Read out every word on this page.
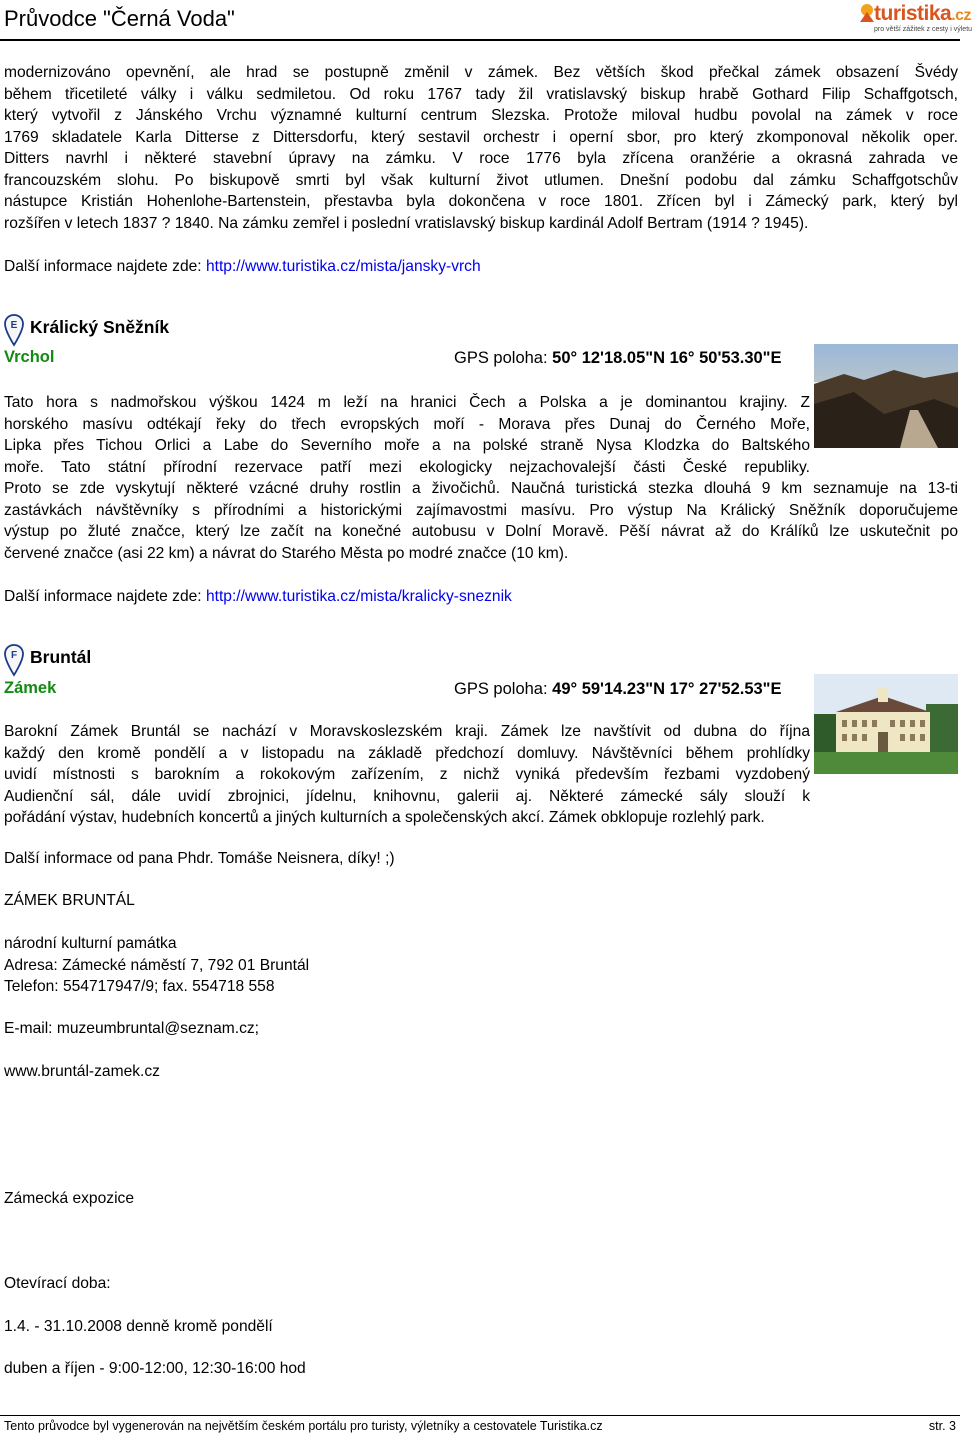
Průvodce "Černá Voda"	turistika.cz
pro větší zážitek z cesty i výletu
modernizováno opevnění, ale hrad se postupně změnil v zámek. Bez větších škod přečkal zámek obsazení Švédy
během třicetileté války i válku sedmiletou. Od roku 1767 tady žil vratislavský biskup hrabě Gothard Filip Schaffgotsch,
který vytvořil z Jánského Vrchu významné kulturní centrum Slezska. Protože miloval hudbu povolal na zámek v roce
1769 skladatele Karla Ditterse z Dittersdorfu, který sestavil orchestr i operní sbor, pro který zkomponoval několik oper.
Ditters navrhl i některé stavební úpravy na zámku. V roce 1776 byla zřícena oranžérie a okrasná zahrada ve
francouzském slohu. Po biskupově smrti byl však kulturní život utlumen. Dnešní podobu dal zámku Schaffgotschův
nástupce Kristián Hohenlohe-Bartenstein, přestavba byla dokončena v roce 1801. Zřícen byl i Zámecký park, který byl
rozšířen v letech 1837 ? 1840. Na zámku zemřel i poslední vratislavský biskup kardinál Adolf Bertram (1914 ? 1945).
Další informace najdete zde: http://www.turistika.cz/mista/jansky-vrch
E Králický Sněžník
Vrchol	GPS poloha: 50° 12'18.05"N 16° 50'53.30"E
Tato hora s nadmořskou výškou 1424 m leží na hranici Čech a Polska a je dominantou krajiny. Z
horského masívu odtékají řeky do třech evropských moří - Morava přes Dunaj do Černého Moře,
Lipka přes Tichou Orlici a Labe do Severního moře a na polské straně Nysa Klodzka do Baltského
moře. Tato státní přírodní rezervace patří mezi ekologicky nejzachovalejší části České republiky.
Proto se zde vyskytují některé vzácné druhy rostlin a živočichů. Naučná turistická stezka dlouhá 9 km seznamuje na 13-ti
zastávkách návštěvníky s přírodními a historickými zajímavostmi masívu. Pro výstup Na Králický Sněžník doporučujeme
výstup po žluté značce, který lze začít na konečné autobusu v Dolní Moravě. Pěší návrat až do Králíků lze uskutečnit po
červené značce (asi 22 km) a návrat do Starého Města po modré značce (10 km).
Další informace najdete zde: http://www.turistika.cz/mista/kralicky-sneznik
F Bruntál
Zámek	GPS poloha: 49° 59'14.23"N 17° 27'52.53"E
Barokní Zámek Bruntál se nachází v Moravskoslezském kraji. Zámek lze navštívit od dubna do října
každý den kromě pondělí a v listopadu na základě předchozí domluvy. Návštěvníci během prohlídky
uvidí místnosti s barokním a rokokovým zařízením, z nichž vyniká především řezbami vyzdobený
Audienční sál, dále uvidí zbrojnici, jídelnu, knihovnu, galerii aj. Některé zámecké sály slouží k
pořádání výstav, hudebních koncertů a jiných kulturních a společenských akcí. Zámek obklopuje rozlehlý park.
Další informace od pana Phdr. Tomáše Neisnera, díky! ;)
ZÁMEK BRUNTÁL
národní kulturní památka
Adresa: Zámecké náměstí 7, 792 01 Bruntál
Telefon: 554717947/9; fax. 554718 558
E-mail: muzeumbruntal@seznam.cz;
www.bruntál-zamek.cz
Zámecká expozice
Otevírací doba:
1.4. - 31.10.2008 denně kromě pondělí
duben a říjen - 9:00-12:00, 12:30-16:00 hod
Tento průvodce byl vygenerován na největším českém portálu pro turisty, výletníky a cestovatele Turistika.cz	str. 3
